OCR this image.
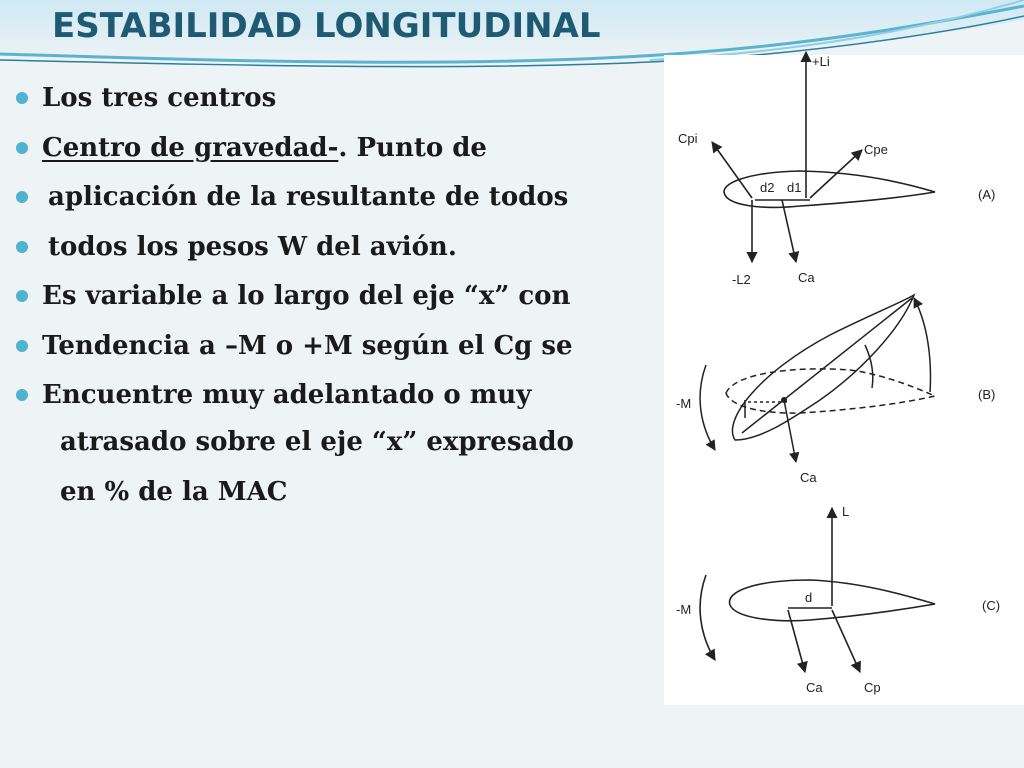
ESTABILIDAD LONGITUDINAL
Los tres centros
Centro de gravedad-. Punto de
aplicación de la resultante de todos
todos los pesos W del avión.
Es variable a lo largo del eje “x” con
Tendencia a –M o +M según el Cg se
Encuentre muy adelantado o muy
atrasado sobre el eje “x” expresado
en % de la MAC
+Li
Cpi
Cpe
d2 d1
-L2	Ca
(A)
-M
Ca
(B)
L
-M
d
Ca	Cp
(C)
